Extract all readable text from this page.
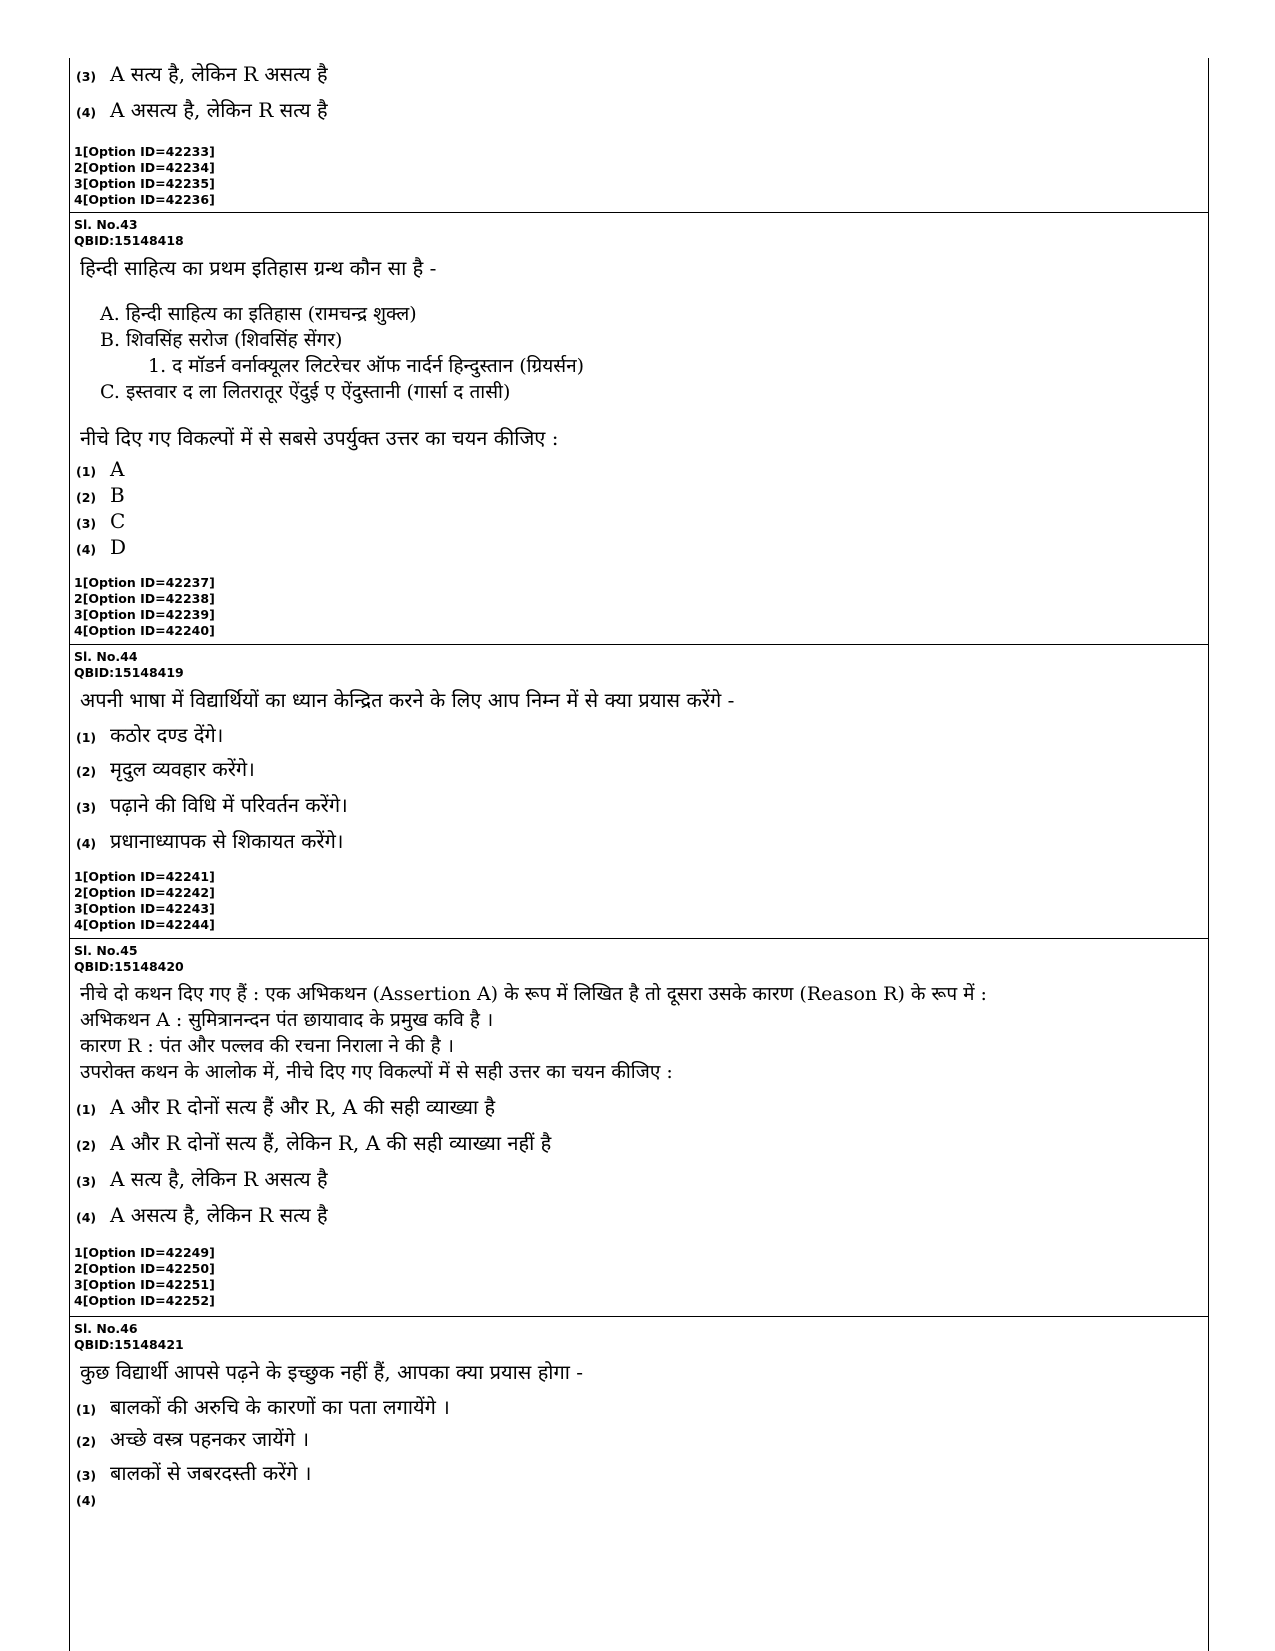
(3) A सत्य है, लेकिन R असत्य है
(4) A असत्य है, लेकिन R सत्य है
1[Option ID=42233]
2[Option ID=42234]
3[Option ID=42235]
4[Option ID=42236]
Sl. No.43
QBID:15148418
हिन्दी साहित्य का प्रथम इतिहास ग्रन्थ कौन सा है -
A. हिन्दी साहित्य का इतिहास (रामचन्द्र शुक्ल)
B. शिवसिंह सरोज (शिवसिंह सेंगर)
1. द मॉडर्न वर्नाक्यूलर लिटरेचर ऑफ नार्दर्न हिन्दुस्तान (ग्रियर्सन)
C. इस्तवार द ला लितरातूर ऐंदुई ए ऐंदुस्तानी (गार्सा द तासी)
नीचे दिए गए विकल्पों में से सबसे उपर्युक्त उत्तर का चयन कीजिए :
(1) A
(2) B
(3) C
(4) D
1[Option ID=42237]
2[Option ID=42238]
3[Option ID=42239]
4[Option ID=42240]
Sl. No.44
QBID:15148419
अपनी भाषा में विद्यार्थियों का ध्यान केन्द्रित करने के लिए आप निम्न में से क्या प्रयास करेंगे -
(1) कठोर दण्ड देंगे।
(2) मृदुल व्यवहार करेंगे।
(3) पढ़ाने की विधि में परिवर्तन करेंगे।
(4) प्रधानाध्यापक से शिकायत करेंगे।
1[Option ID=42241]
2[Option ID=42242]
3[Option ID=42243]
4[Option ID=42244]
Sl. No.45
QBID:15148420
नीचे दो कथन दिए गए हैं : एक अभिकथन (Assertion A) के रूप में लिखित है तो दूसरा उसके कारण (Reason R) के रूप में :
अभिकथन A : सुमित्रानन्दन पंत छायावाद के प्रमुख कवि है ।
कारण R : पंत और पल्लव की रचना निराला ने की है ।
उपरोक्त कथन के आलोक में, नीचे दिए गए विकल्पों में से सही उत्तर का चयन कीजिए :
(1) A और R दोनों सत्य हैं और R, A की सही व्याख्या है
(2) A और R दोनों सत्य हैं, लेकिन R, A की सही व्याख्या नहीं है
(3) A सत्य है, लेकिन R असत्य है
(4) A असत्य है, लेकिन R सत्य है
1[Option ID=42249]
2[Option ID=42250]
3[Option ID=42251]
4[Option ID=42252]
Sl. No.46
QBID:15148421
कुछ विद्यार्थी आपसे पढ़ने के इच्छुक नहीं हैं, आपका क्या प्रयास होगा -
(1) बालकों की अरुचि के कारणों का पता लगायेंगे ।
(2) अच्छे वस्त्र पहनकर जायेंगे ।
(3) बालकों से जबरदस्ती करेंगे ।
(4)
